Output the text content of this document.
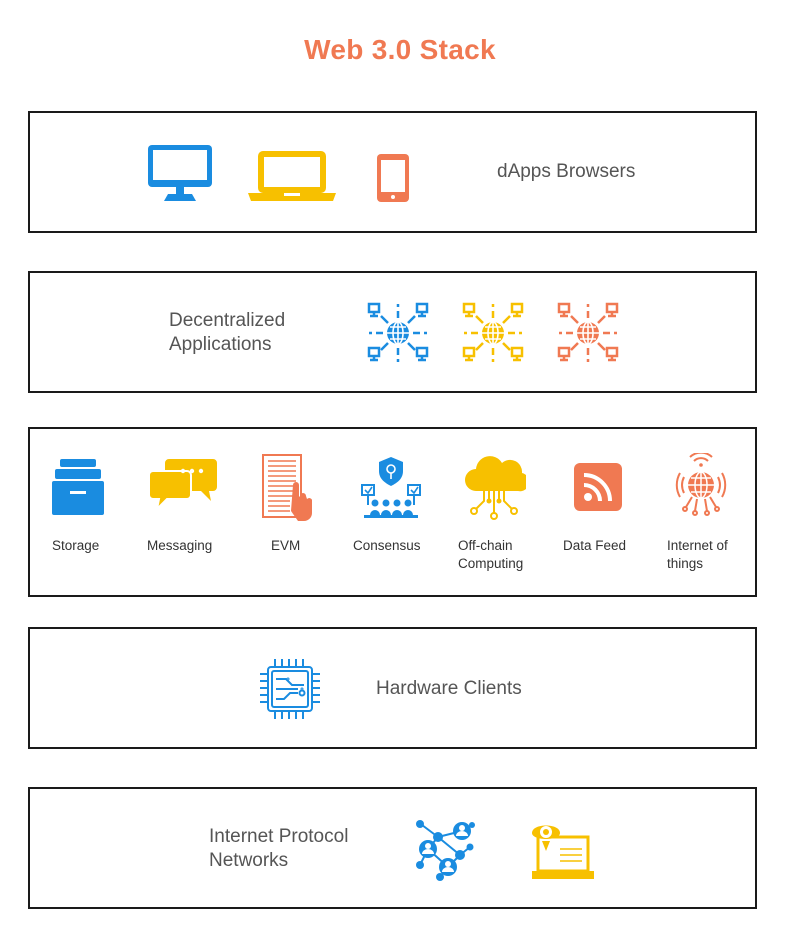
Web 3.0 Stack
dApps Browsers
Decentralized
Applications
Storage	Messaging	EVM	Consensus	Off-chain
Computing
Data Feed	Internet of
things
Hardware Clients
Internet Protocol
Networks
